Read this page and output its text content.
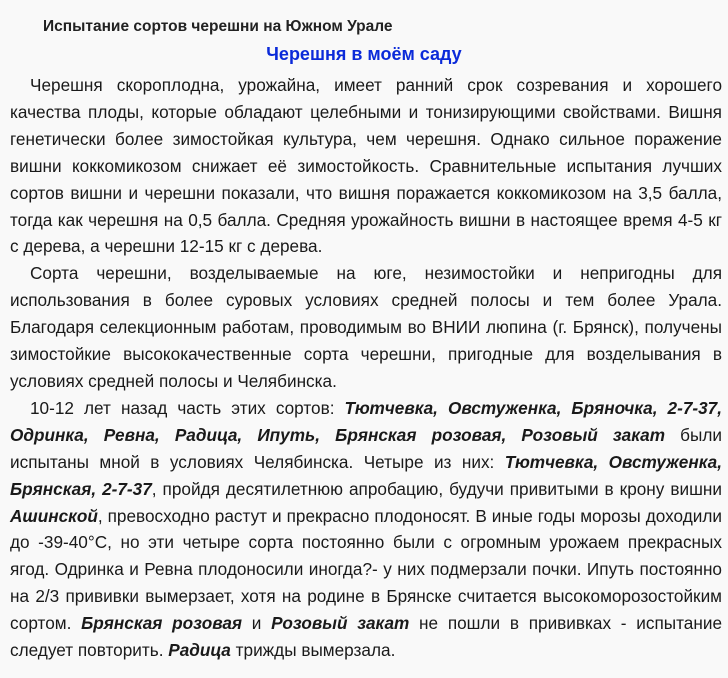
Испытание сортов черешни на Южном Урале
Черешня в моём саду

Черешня скороплодна, урожайна, имеет ранний срок созревания и хорошего качества плоды, которые обладают целебными и тонизирующими свойствами. Вишня генетически более зимостойкая культура, чем черешня. Однако сильное поражение вишни коккомикозом снижает её зимостойкость. Сравнительные испытания лучших сортов вишни и черешни показали, что вишня поражается коккомикозом на 3,5 балла, тогда как черешня на 0,5 балла. Средняя урожайность вишни в настоящее время 4-5 кг с дерева, а черешни 12-15 кг с дерева.

Сорта черешни, возделываемые на юге, незимостойки и непригодны для использования в более суровых условиях средней полосы и тем более Урала. Благодаря селекционным работам, проводимым во ВНИИ люпина (г. Брянск), получены зимостойкие высококачественные сорта черешни, пригодные для возделывания в условиях средней полосы и Челябинска.

10-12 лет назад часть этих сортов: Тютчевка, Овстуженка, Бряночка, 2-7-37, Одринка, Ревна, Радица, Ипуть, Брянская розовая, Розовый закат были испытаны мной в условиях Челябинска. Четыре из них: Тютчевка, Овстуженка, Брянская, 2-7-37, пройдя десятилетнюю апробацию, будучи привитыми в крону вишни Ашинской, превосходно растут и прекрасно плодоносят. В иные годы морозы доходили до -39-40°С, но эти четыре сорта постоянно были с огромным урожаем прекрасных ягод. Одринка и Ревна плодоносили иногда?- у них подмерзали почки. Ипуть постоянно на 2/3 прививки вымерзает, хотя на родине в Брянске считается высокоморозостойким сортом. Брянская розовая и Розовый закат не пошли в прививках - испытание следует повторить. Радица трижды вымерзала.
